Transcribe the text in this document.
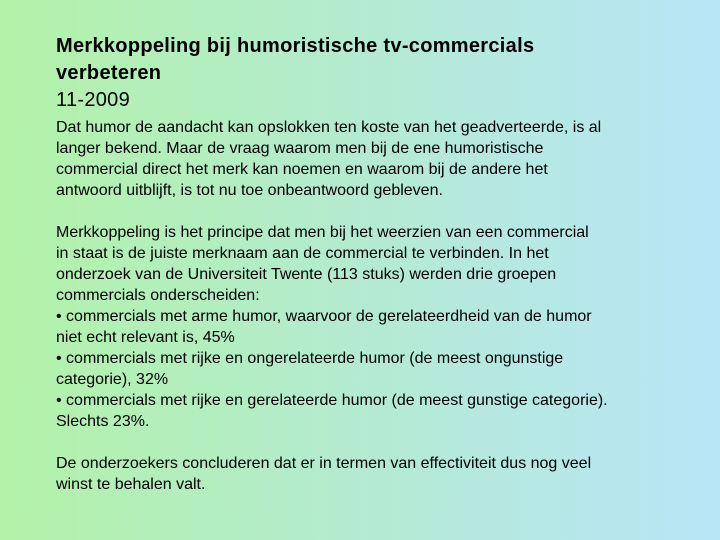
Merkkoppeling bij humoristische tv-commercials
verbeteren
11-2009

Dat humor de aandacht kan opslokken ten koste van het geadverteerde, is al
langer bekend. Maar de vraag waarom men bij de ene humoristische
commercial direct het merk kan noemen en waarom bij de andere het
antwoord uitblijft, is tot nu toe onbeantwoord gebleven.

Merkkoppeling is het principe dat men bij het weerzien van een commercial
in staat is de juiste merknaam aan de commercial te verbinden. In het
onderzoek van de Universiteit Twente (113 stuks) werden drie groepen
commercials onderscheiden:
• commercials met arme humor, waarvoor de gerelateerdheid van de humor
niet echt relevant is, 45%
• commercials met rijke en ongerelateerde humor (de meest ongunstige
categorie), 32%
• commercials met rijke en gerelateerde humor (de meest gunstige categorie).
Slechts 23%.

De onderzoekers concluderen dat er in termen van effectiviteit dus nog veel
winst te behalen valt.
